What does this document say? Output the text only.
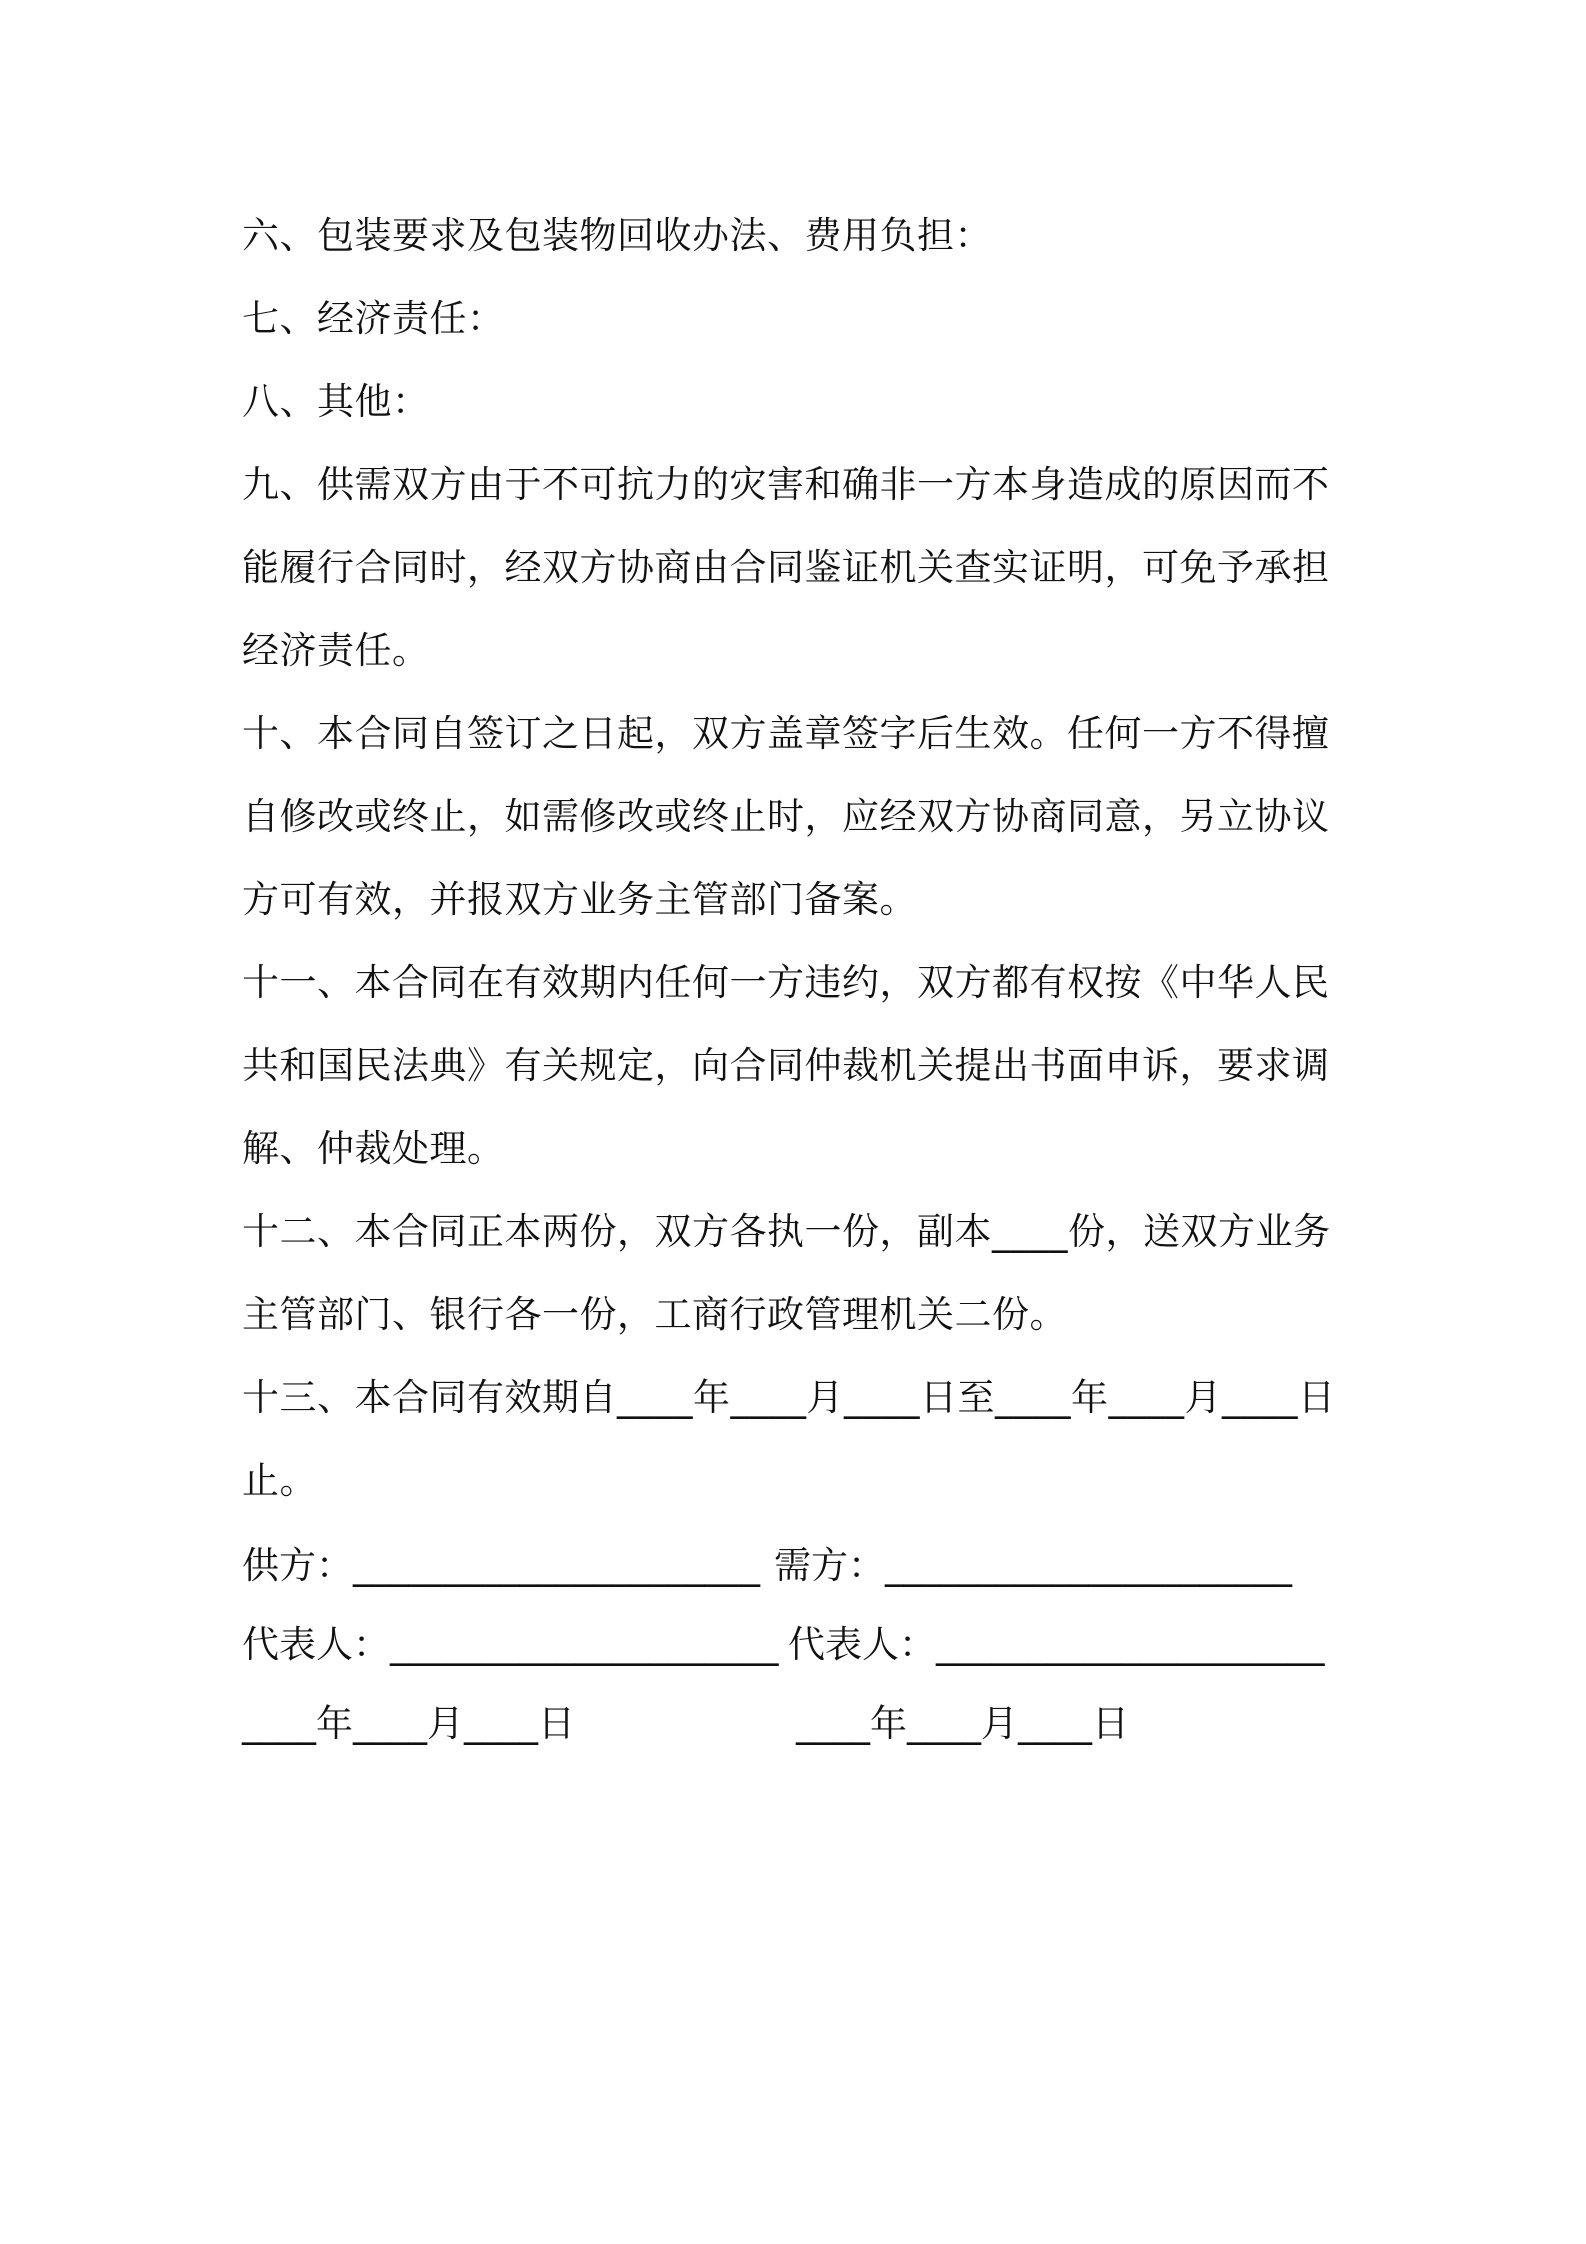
六、包装要求及包装物回收办法、费用负担：

七、经济责任：

八、其他：

九、供需双方由于不可抗力的灾害和确非一方本身造成的原因而不能履行合同时，经双方协商由合同鉴证机关查实证明，可免予承担经济责任。

十、本合同自签订之日起，双方盖章签字后生效。任何一方不得擅自修改或终止，如需修改或终止时，应经双方协商同意，另立协议方可有效，并报双方业务主管部门备案。

十一、本合同在有效期内任何一方违约，双方都有权按《中华人民共和国民法典》有关规定，向合同仲裁机关提出书面申诉，要求调解、仲裁处理。

十二、本合同正本两份，双方各执一份，副本____份，送双方业务主管部门、银行各一份，工商行政管理机关二份。

十三、本合同有效期自____年____月____日至____年____月____日止。

供方：______________________ 需方：______________________
代表人：_____________________ 代表人：_____________________
____年____月____日	____年____月____日
